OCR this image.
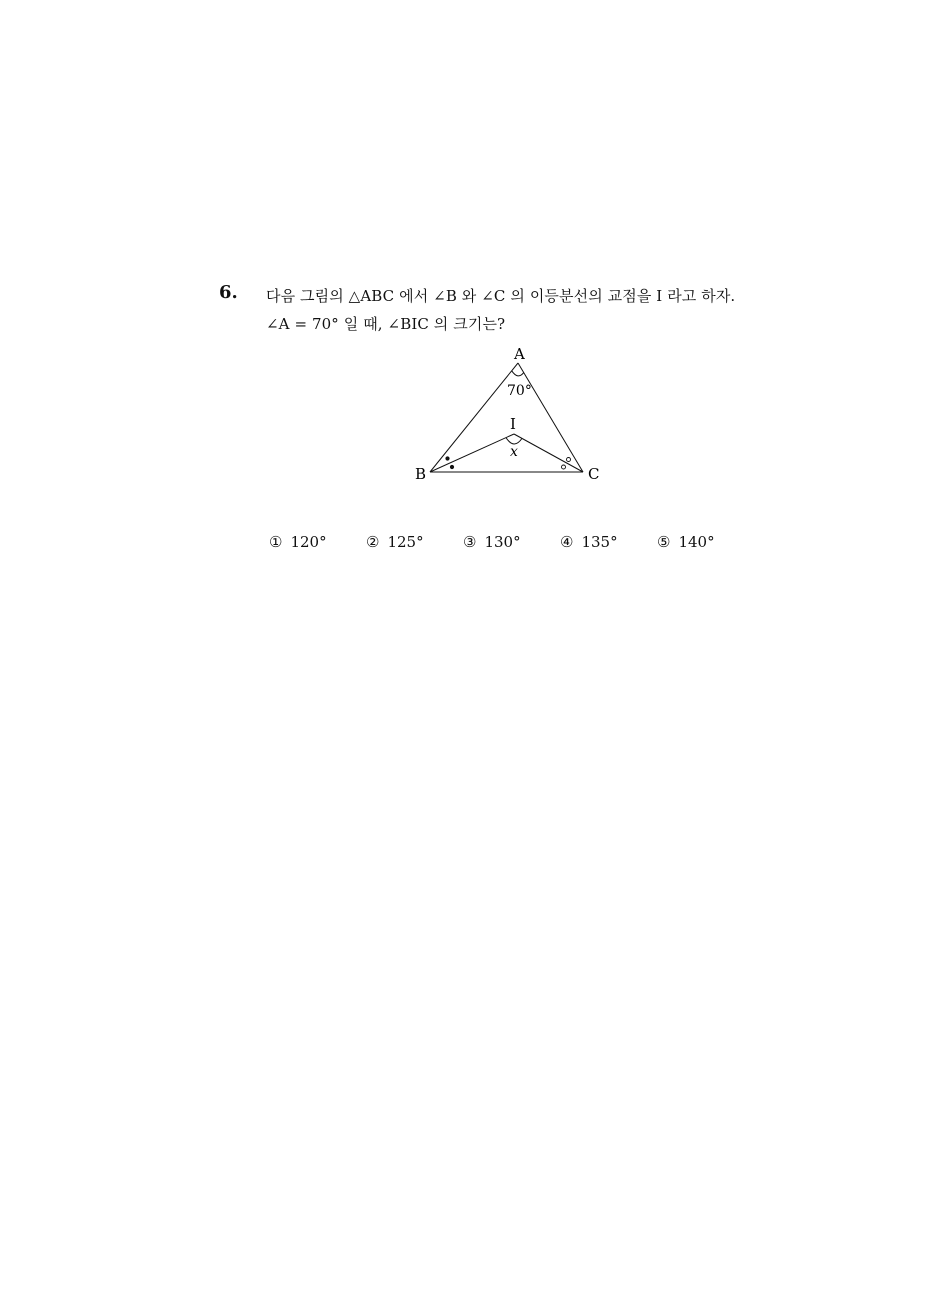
6. 다음 그림의 △ABC 에서 ∠B 와 ∠C 의 이등분선의 교점을 I 라고 하자.
∠A = 70° 일 때, ∠BIC 의 크기는?
A
B	C
I
70°
x
① 120°	② 125°	③ 130°	④ 135°	⑤ 140°
